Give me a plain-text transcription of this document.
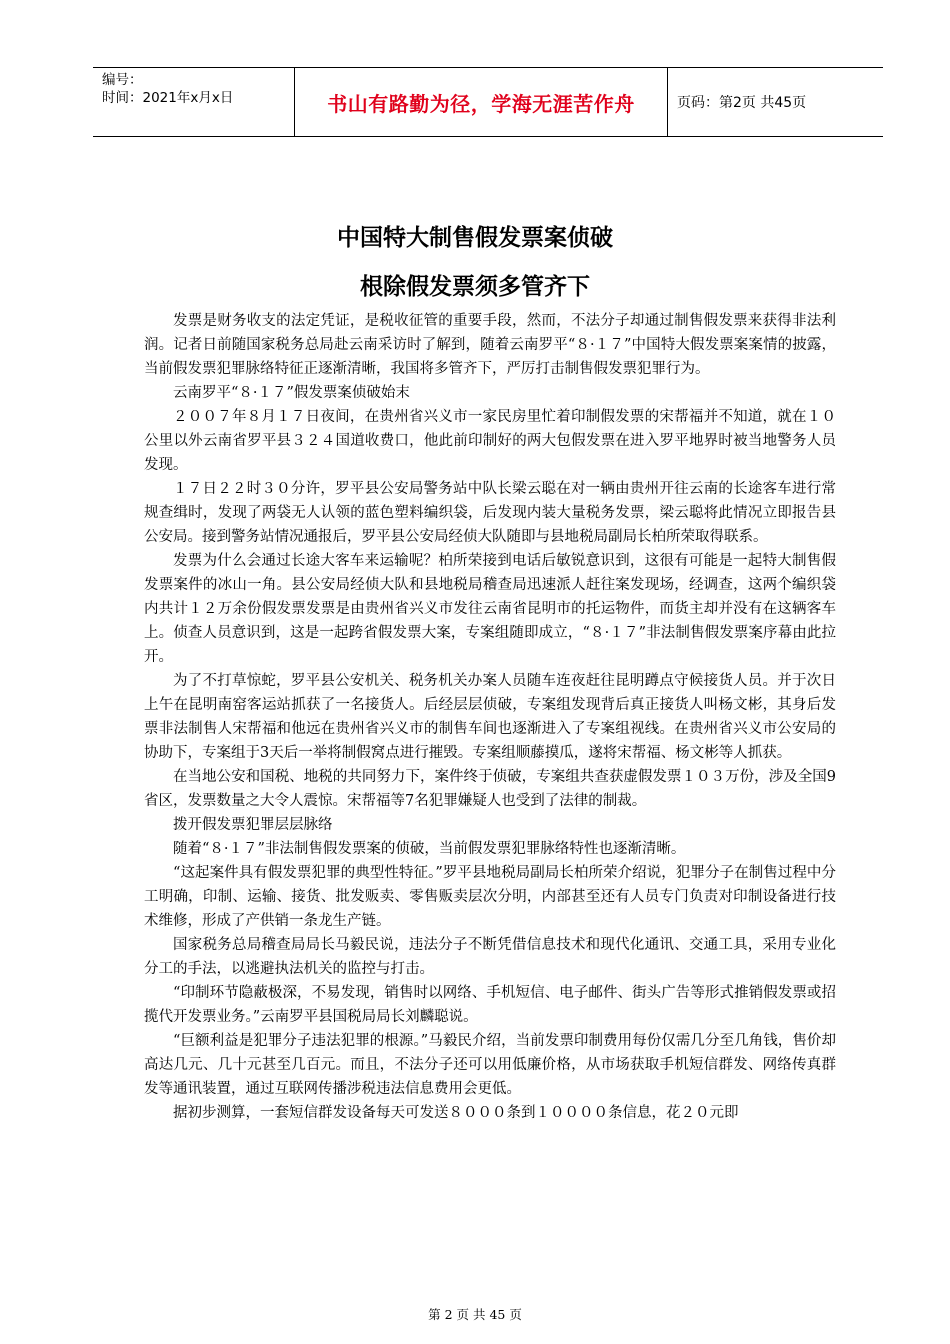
编号：
时间：2021年x月x日	书山有路勤为径，学海无涯苦作舟	页码：第2页 共45页
中国特大制售假发票案侦破
根除假发票须多管齐下

发票是财务收支的法定凭证，是税收征管的重要手段，然而，不法分子却通过制售假发票来获得非法利润。记者日前随国家税务总局赴云南采访时了解到，随着云南罗平“８·１７”中国特大假发票案案情的披露，当前假发票犯罪脉络特征正逐渐清晰，我国将多管齐下，严厉打击制售假发票犯罪行为。

云南罗平“８·１７”假发票案侦破始末

２００７年８月１７日夜间，在贵州省兴义市一家民房里忙着印制假发票的宋帮福并不知道，就在１０公里以外云南省罗平县３２４国道收费口，他此前印制好的两大包假发票在进入罗平地界时被当地警务人员发现。

１７日２２时３０分许，罗平县公安局警务站中队长梁云聪在对一辆由贵州开往云南的长途客车进行常规查缉时，发现了两袋无人认领的蓝色塑料编织袋，后发现内装大量税务发票，梁云聪将此情况立即报告县公安局。接到警务站情况通报后，罗平县公安局经侦大队随即与县地税局副局长柏所荣取得联系。

发票为什么会通过长途大客车来运输呢？柏所荣接到电话后敏锐意识到，这很有可能是一起特大制售假发票案件的冰山一角。县公安局经侦大队和县地税局稽查局迅速派人赶往案发现场，经调查，这两个编织袋内共计１２万余份假发票发票是由贵州省兴义市发往云南省昆明市的托运物件，而货主却并没有在这辆客车上。侦查人员意识到，这是一起跨省假发票大案，专案组随即成立，“８·１７”非法制售假发票案序幕由此拉开。

为了不打草惊蛇，罗平县公安机关、税务机关办案人员随车连夜赶往昆明蹲点守候接货人员。并于次日上午在昆明南窑客运站抓获了一名接货人。后经层层侦破，专案组发现背后真正接货人叫杨文彬，其身后发票非法制售人宋帮福和他远在贵州省兴义市的制售车间也逐渐进入了专案组视线。在贵州省兴义市公安局的协助下，专案组于3天后一举将制假窝点进行摧毁。专案组顺藤摸瓜，遂将宋帮福、杨文彬等人抓获。

在当地公安和国税、地税的共同努力下，案件终于侦破，专案组共查获虚假发票１０３万份，涉及全国9省区，发票数量之大令人震惊。宋帮福等7名犯罪嫌疑人也受到了法律的制裁。

拨开假发票犯罪层层脉络

随着“８·１７”非法制售假发票案的侦破，当前假发票犯罪脉络特性也逐渐清晰。

“这起案件具有假发票犯罪的典型性特征。”罗平县地税局副局长柏所荣介绍说，犯罪分子在制售过程中分工明确，印制、运输、接货、批发贩卖、零售贩卖层次分明，内部甚至还有人员专门负责对印制设备进行技术维修，形成了产供销一条龙生产链。

国家税务总局稽查局局长马毅民说，违法分子不断凭借信息技术和现代化通讯、交通工具，采用专业化分工的手法，以逃避执法机关的监控与打击。

“印制环节隐蔽极深，不易发现，销售时以网络、手机短信、电子邮件、街头广告等形式推销假发票或招揽代开发票业务。”云南罗平县国税局局长刘麟聪说。

“巨额利益是犯罪分子违法犯罪的根源。”马毅民介绍，当前发票印制费用每份仅需几分至几角钱，售价却高达几元、几十元甚至几百元。而且，不法分子还可以用低廉价格，从市场获取手机短信群发、网络传真群发等通讯装置，通过互联网传播涉税违法信息费用会更低。

据初步测算，一套短信群发设备每天可发送８０００条到１００００条信息，花２０元即

第 2 页 共 45 页
